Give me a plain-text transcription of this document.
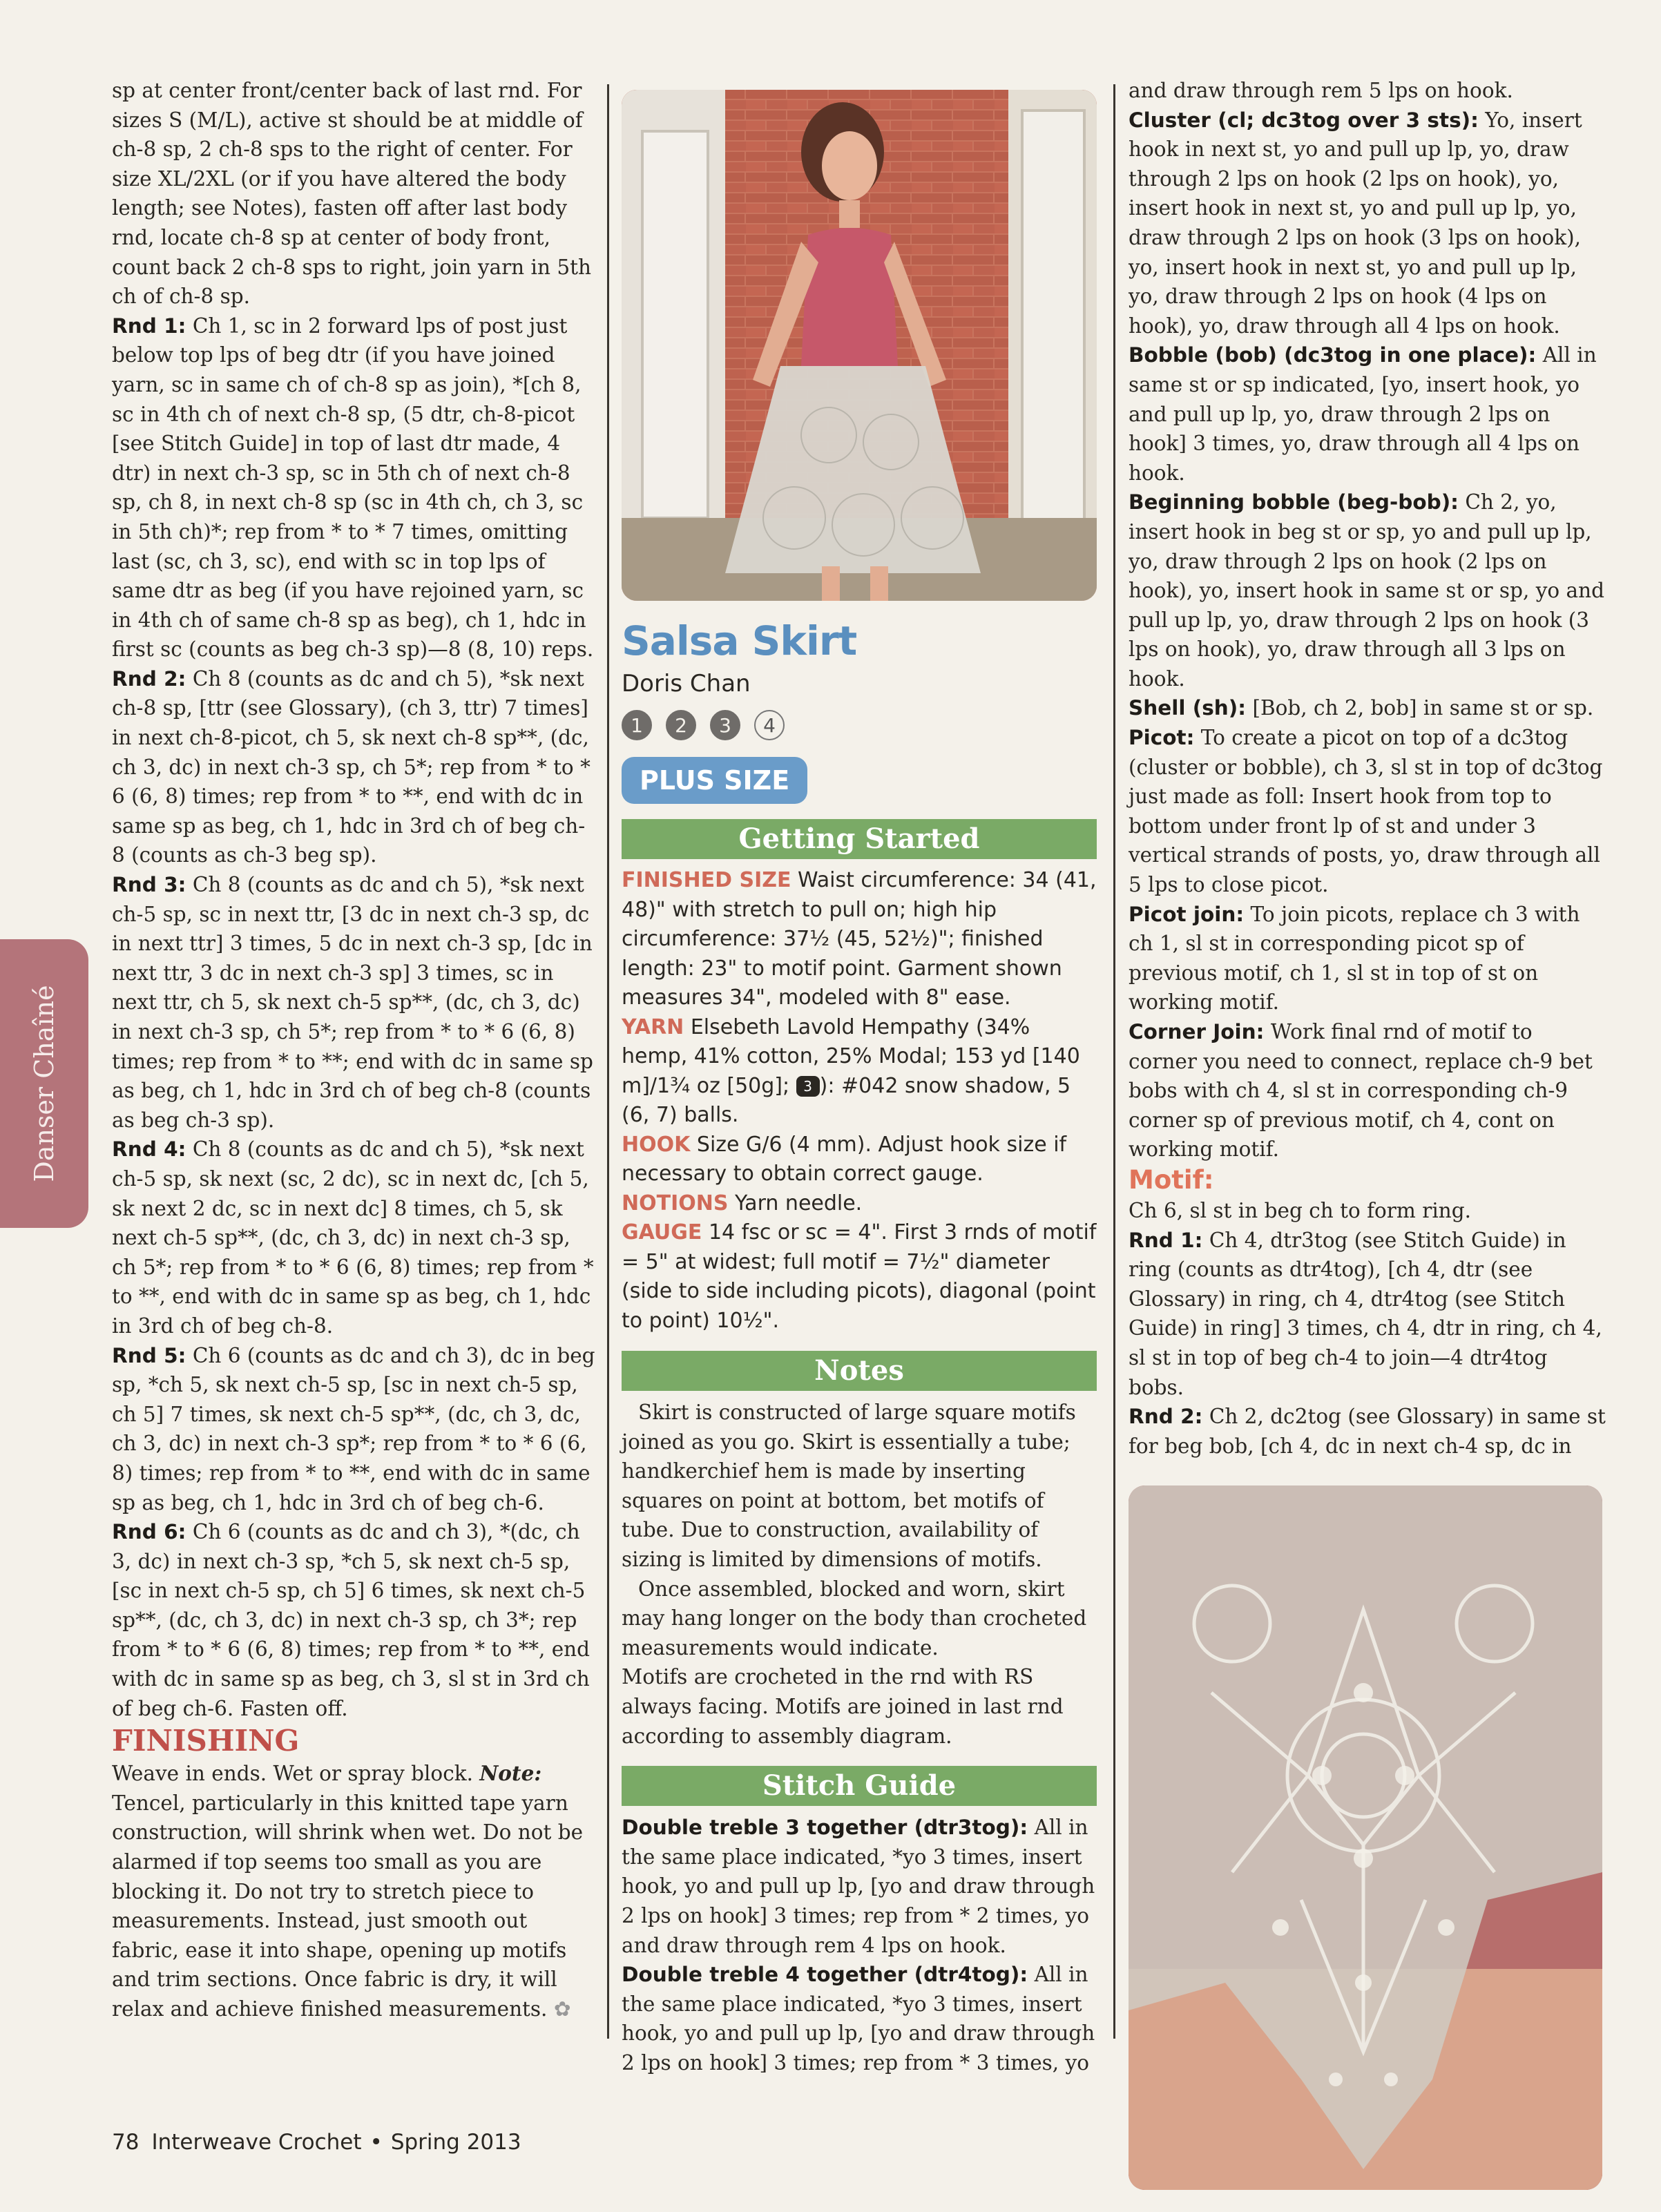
Danser Chaîné

sp at center front/center back of last rnd. For sizes S (M/L), active st should be at middle of ch-8 sp, 2 ch-8 sps to the right of center. For size XL/2XL (or if you have altered the body length; see Notes), fasten off after last body rnd, locate ch-8 sp at center of body front, count back 2 ch-8 sps to right, join yarn in 5th ch of ch-8 sp.

Rnd 1: Ch 1, sc in 2 forward lps of post just below top lps of beg dtr (if you have joined yarn, sc in same ch of ch-8 sp as join), *[ch 8, sc in 4th ch of next ch-8 sp, (5 dtr, ch-8-picot [see Stitch Guide] in top of last dtr made, 4 dtr) in next ch-3 sp, sc in 5th ch of next ch-8 sp, ch 8, in next ch-8 sp (sc in 4th ch, ch 3, sc in 5th ch)*; rep from * to * 7 times, omitting last (sc, ch 3, sc), end with sc in top lps of same dtr as beg (if you have rejoined yarn, sc in 4th ch of same ch-8 sp as beg), ch 1, hdc in first sc (counts as beg ch-3 sp)—8 (8, 10) reps.

Rnd 2: Ch 8 (counts as dc and ch 5), *sk next ch-8 sp, [ttr (see Glossary), (ch 3, ttr) 7 times] in next ch-8-picot, ch 5, sk next ch-8 sp**, (dc, ch 3, dc) in next ch-3 sp, ch 5*; rep from * to * 6 (6, 8) times; rep from * to **, end with dc in same sp as beg, ch 1, hdc in 3rd ch of beg ch-8 (counts as ch-3 beg sp).

Rnd 3: Ch 8 (counts as dc and ch 5), *sk next ch-5 sp, sc in next ttr, [3 dc in next ch-3 sp, dc in next ttr] 3 times, 5 dc in next ch-3 sp, [dc in next ttr, 3 dc in next ch-3 sp] 3 times, sc in next ttr, ch 5, sk next ch-5 sp**, (dc, ch 3, dc) in next ch-3 sp, ch 5*; rep from * to * 6 (6, 8) times; rep from * to **; end with dc in same sp as beg, ch 1, hdc in 3rd ch of beg ch-8 (counts as beg ch-3 sp).

Rnd 4: Ch 8 (counts as dc and ch 5), *sk next ch-5 sp, sk next (sc, 2 dc), sc in next dc, [ch 5, sk next 2 dc, sc in next dc] 8 times, ch 5, sk next ch-5 sp**, (dc, ch 3, dc) in next ch-3 sp, ch 5*; rep from * to * 6 (6, 8) times; rep from * to **, end with dc in same sp as beg, ch 1, hdc in 3rd ch of beg ch-8.

Rnd 5: Ch 6 (counts as dc and ch 3), dc in beg sp, *ch 5, sk next ch-5 sp, [sc in next ch-5 sp, ch 5] 7 times, sk next ch-5 sp**, (dc, ch 3, dc, ch 3, dc) in next ch-3 sp*; rep from * to * 6 (6, 8) times; rep from * to **, end with dc in same sp as beg, ch 1, hdc in 3rd ch of beg ch-6.

Rnd 6: Ch 6 (counts as dc and ch 3), *(dc, ch 3, dc) in next ch-3 sp, *ch 5, sk next ch-5 sp, [sc in next ch-5 sp, ch 5] 6 times, sk next ch-5 sp**, (dc, ch 3, dc) in next ch-3 sp, ch 3*; rep from * to * 6 (6, 8) times; rep from * to **, end with dc in same sp as beg, ch 3, sl st in 3rd ch of beg ch-6. Fasten off.

FINISHING

Weave in ends. Wet or spray block. Note: Tencel, particularly in this knitted tape yarn construction, will shrink when wet. Do not be alarmed if top seems too small as you are blocking it. Do not try to stretch piece to measurements. Instead, just smooth out fabric, ease it into shape, opening up motifs and trim sections. Once fabric is dry, it will relax and achieve finished measurements. ✿

Salsa Skirt
Doris Chan
1	2	3	4
PLUS SIZE
Getting Started

FINISHED SIZE Waist circumference: 34 (41, 48)" with stretch to pull on; high hip circumference: 37½ (45, 52½)"; finished length: 23" to motif point. Garment shown measures 34", modeled with 8" ease.

YARN Elsebeth Lavold Hempathy (34% hemp, 41% cotton, 25% Modal; 153 yd [140 m]/1¾ oz [50g]; 3 ): #042 snow shadow, 5 (6, 7) balls.

HOOK Size G/6 (4 mm). Adjust hook size if necessary to obtain correct gauge.

NOTIONS Yarn needle.

GAUGE 14 fsc or sc = 4". First 3 rnds of motif = 5" at widest; full motif = 7½" diameter (side to side including picots), diagonal (point to point) 10½".

Notes

Skirt is constructed of large square motifs joined as you go. Skirt is essentially a tube; handkerchief hem is made by inserting squares on point at bottom, bet motifs of tube. Due to construction, availability of sizing is limited by dimensions of motifs.

Once assembled, blocked and worn, skirt may hang longer on the body than crocheted measurements would indicate.

Motifs are crocheted in the rnd with RS always facing. Motifs are joined in last rnd according to assembly diagram.

Stitch Guide

Double treble 3 together (dtr3tog): All in the same place indicated, *yo 3 times, insert hook, yo and pull up lp, [yo and draw through 2 lps on hook] 3 times; rep from * 2 times, yo and draw through rem 4 lps on hook.

Double treble 4 together (dtr4tog): All in the same place indicated, *yo 3 times, insert hook, yo and pull up lp, [yo and draw through 2 lps on hook] 3 times; rep from * 3 times, yo

and draw through rem 5 lps on hook.

Cluster (cl; dc3tog over 3 sts): Yo, insert hook in next st, yo and pull up lp, yo, draw through 2 lps on hook (2 lps on hook), yo, insert hook in next st, yo and pull up lp, yo, draw through 2 lps on hook (3 lps on hook), yo, insert hook in next st, yo and pull up lp, yo, draw through 2 lps on hook (4 lps on hook), yo, draw through all 4 lps on hook.

Bobble (bob) (dc3tog in one place): All in same st or sp indicated, [yo, insert hook, yo and pull up lp, yo, draw through 2 lps on hook] 3 times, yo, draw through all 4 lps on hook.

Beginning bobble (beg-bob): Ch 2, yo, insert hook in beg st or sp, yo and pull up lp, yo, draw through 2 lps on hook (2 lps on hook), yo, insert hook in same st or sp, yo and pull up lp, yo, draw through 2 lps on hook (3 lps on hook), yo, draw through all 3 lps on hook.

Shell (sh): [Bob, ch 2, bob] in same st or sp.

Picot: To create a picot on top of a dc3tog (cluster or bobble), ch 3, sl st in top of dc3tog just made as foll: Insert hook from top to bottom under front lp of st and under 3 vertical strands of posts, yo, draw through all 5 lps to close picot.

Picot join: To join picots, replace ch 3 with ch 1, sl st in corresponding picot sp of previous motif, ch 1, sl st in top of st on working motif.

Corner Join: Work final rnd of motif to corner you need to connect, replace ch-9 bet bobs with ch 4, sl st in corresponding ch-9 corner sp of previous motif, ch 4, cont on working motif.

Motif:

Ch 6, sl st in beg ch to form ring.

Rnd 1: Ch 4, dtr3tog (see Stitch Guide) in ring (counts as dtr4tog), [ch 4, dtr (see Glossary) in ring, ch 4, dtr4tog (see Stitch Guide) in ring] 3 times, ch 4, dtr in ring, ch 4, sl st in top of beg ch-4 to join—4 dtr4tog bobs.

Rnd 2: Ch 2, dc2tog (see Glossary) in same st for beg bob, [ch 4, dc in next ch-4 sp, dc in

78 Interweave Crochet • Spring 2013
